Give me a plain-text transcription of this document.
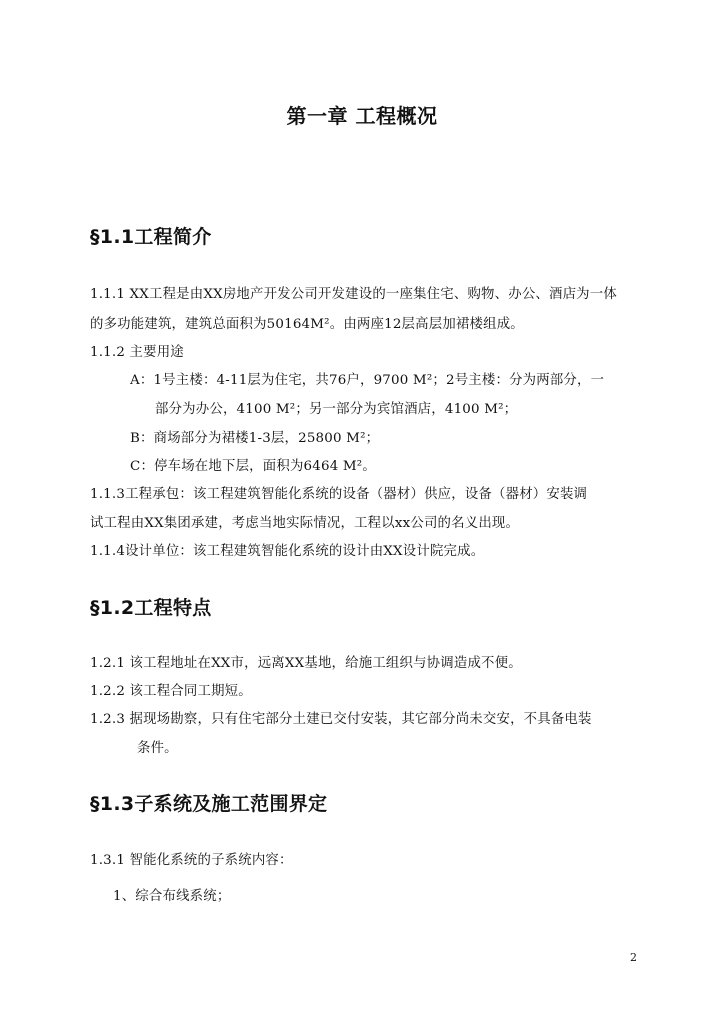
第一章 工程概况
§1.1工程简介
1.1.1 XX工程是由XX房地产开发公司开发建设的一座集住宅、购物、办公、酒店为一体
的多功能建筑，建筑总面积为50164M²。由两座12层高层加裙楼组成。
1.1.2 主要用途
A：1号主楼：4-11层为住宅，共76户，9700 M²；2号主楼：分为两部分，一
部分为办公，4100 M²；另一部分为宾馆酒店，4100 M²；
B：商场部分为裙楼1-3层，25800 M²；
C：停车场在地下层，面积为6464 M²。
1.1.3工程承包：该工程建筑智能化系统的设备（器材）供应，设备（器材）安装调
试工程由XX集团承建，考虑当地实际情况，工程以xx公司的名义出现。
1.1.4设计单位：该工程建筑智能化系统的设计由XX设计院完成。
§1.2工程特点
1.2.1 该工程地址在XX市，远离XX基地，给施工组织与协调造成不便。
1.2.2 该工程合同工期短。
1.2.3 据现场勘察，只有住宅部分土建已交付安装，其它部分尚未交安，不具备电装
条件。
§1.3子系统及施工范围界定
1.3.1 智能化系统的子系统内容：
1、综合布线系统；
2
